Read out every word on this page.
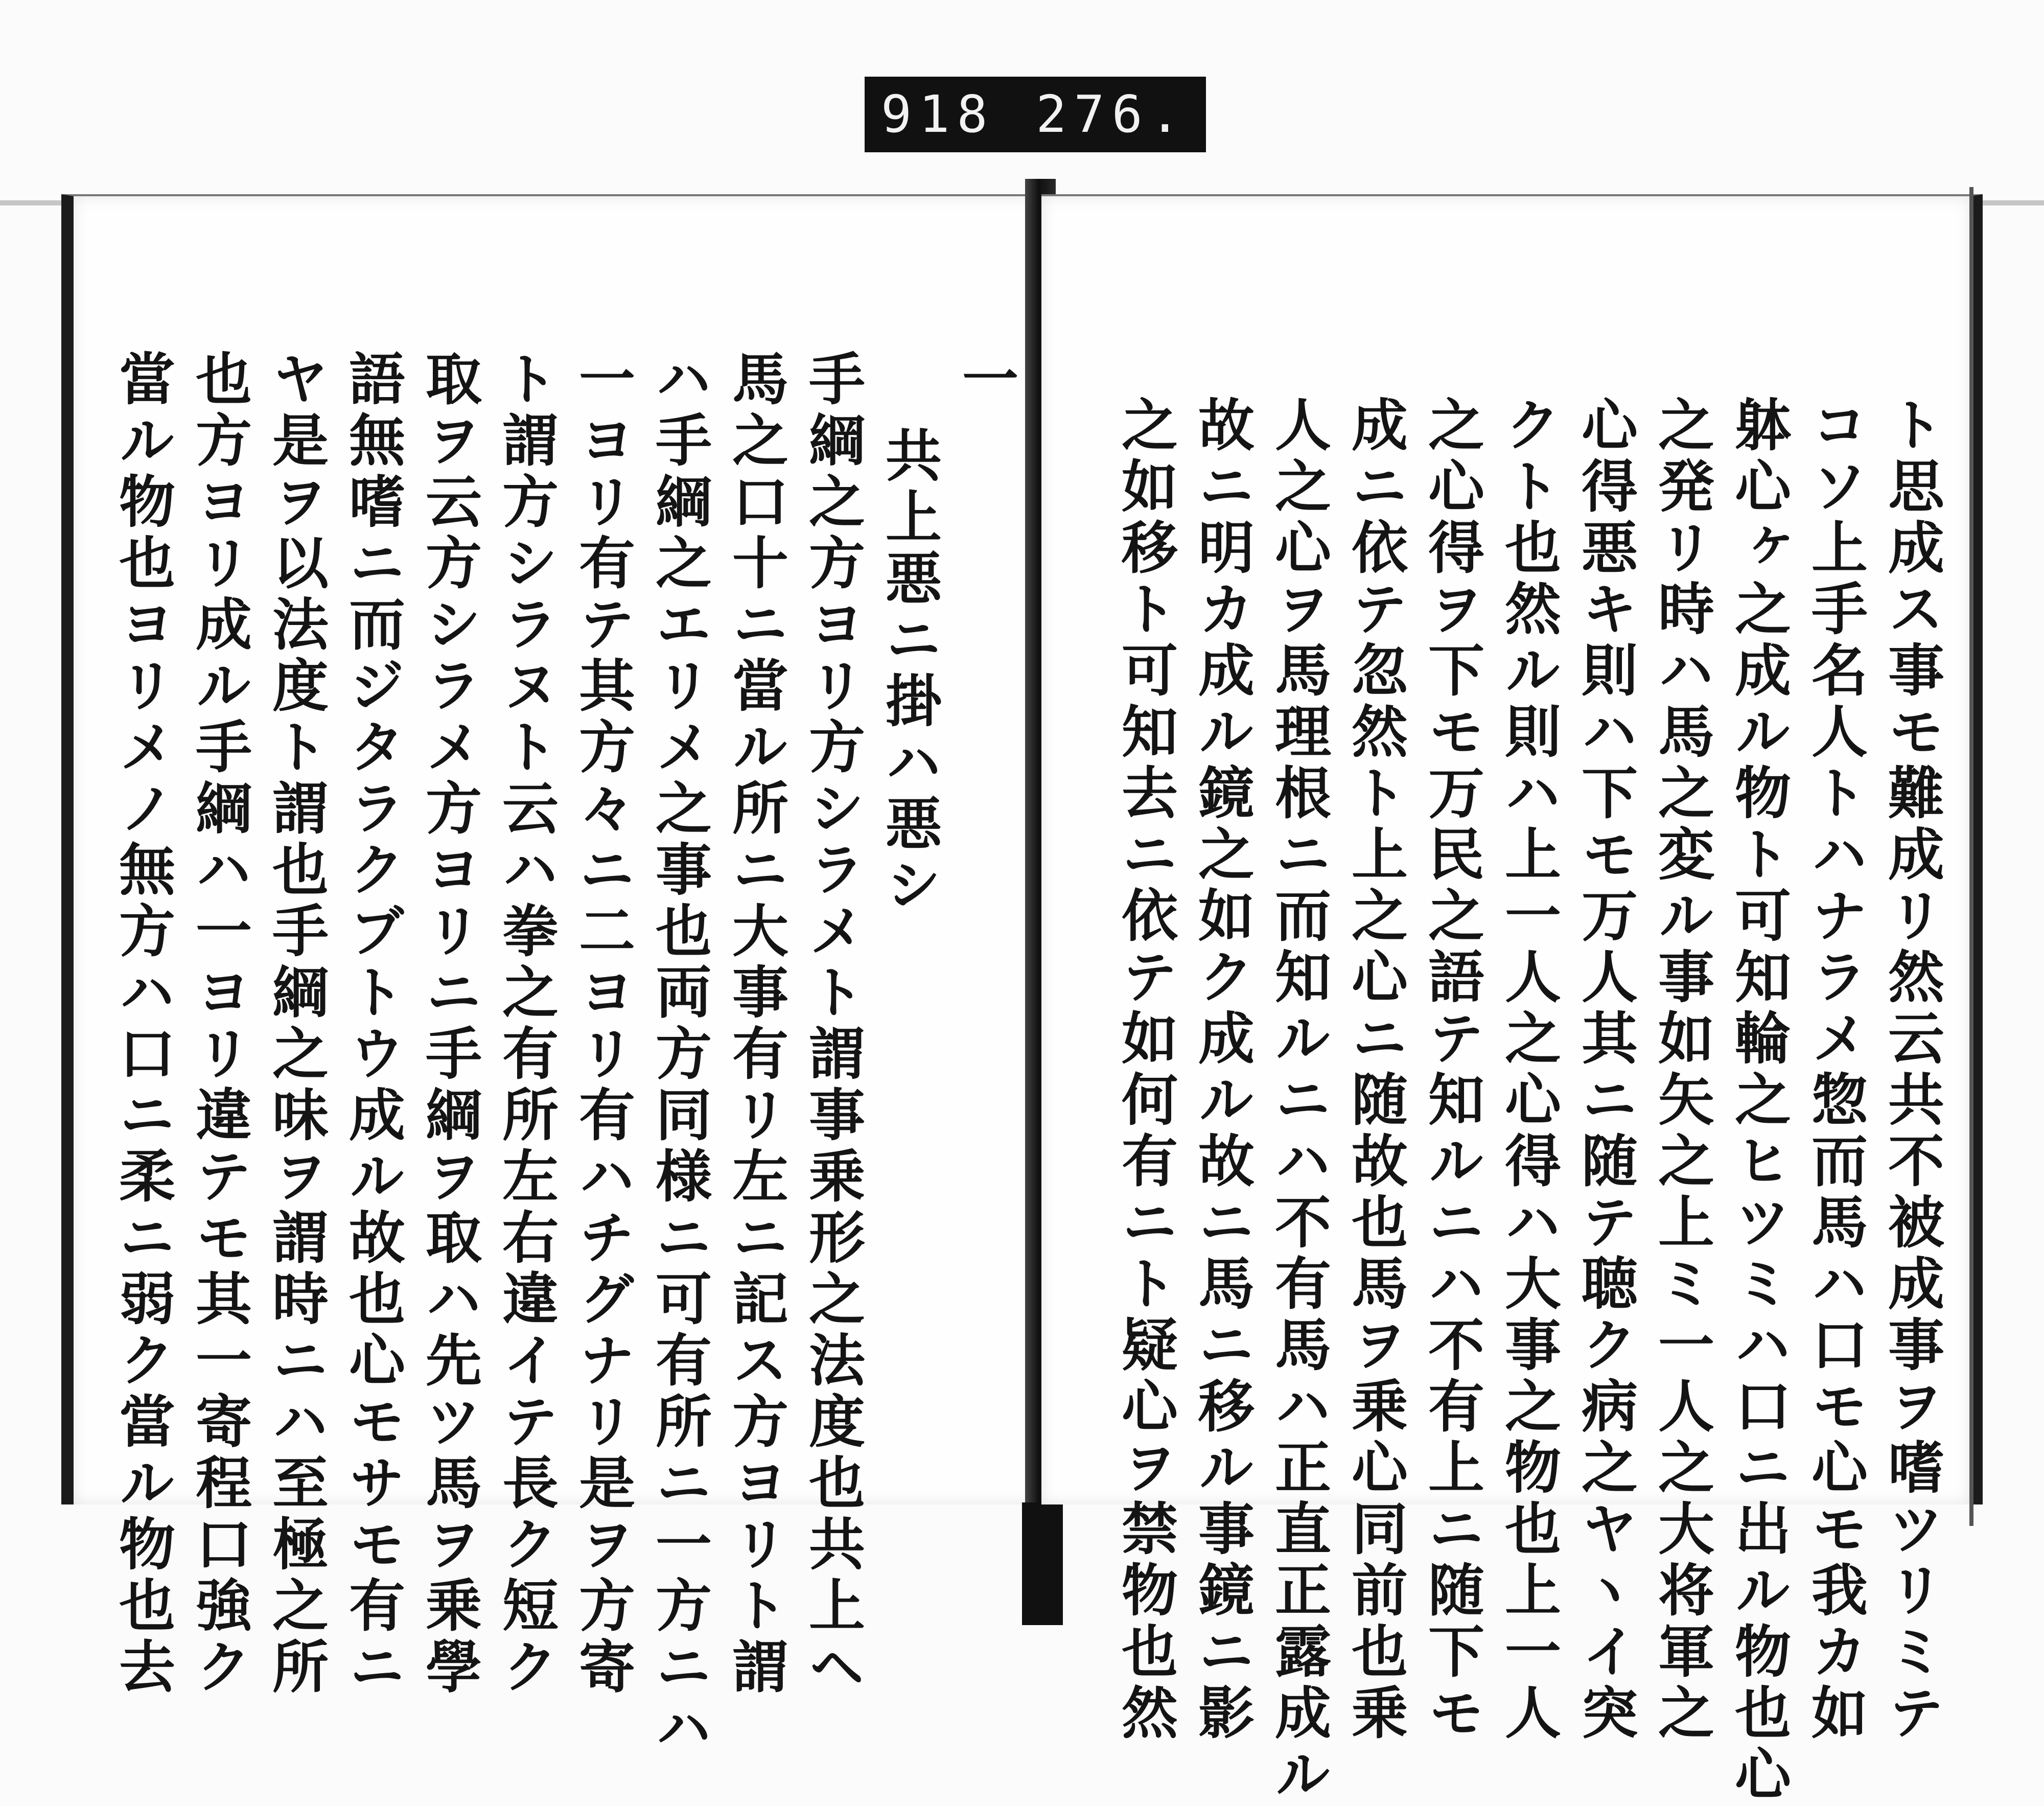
918 276.
一
共上悪ニ掛ハ悪シ
手綱之方ヨリ方シラメト謂事乗形之法度也共上ヘ
馬之口十ニ當ル所ニ大事有リ左ニ記ス方ヨリト謂
ハ手綱之エリメ之事也両方同様ニ可有所ニ一方ニハ
一ヨリ有テ其方々ニ二ヨリ有ハチグナリ是ヲ方寄
ト謂方シラヌト云ハ拳之有所左右違イテ長ク短ク
取ヲ云方シラメ方ヨリニ手綱ヲ取ハ先ツ馬ヲ乗學
語無嗜ニ而ジタラクブトウ成ル故也心モサモ有ニ
ヤ是ヲ以法度ト謂也手綱之味ヲ謂時ニハ至極之所
也方ヨリ成ル手綱ハ一ヨリ違テモ其一寄程口強ク
當ル物也ヨリメノ無方ハ口ニ柔ニ弱ク當ル物也去	ト思成ス事モ難成リ然云共不被成事ヲ嗜ツリミテ
コソ上手名人トハナラメ惣而馬ハ口モ心モ我カ如
躰心ヶ之成ル物ト可知輪之ヒツミハ口ニ出ル物也心
之発リ時ハ馬之変ル事如矢之上ミ一人之大将軍之
心得悪キ則ハ下モ万人其ニ随テ聴ク病之ヤヽイ突
クト也然ル則ハ上一人之心得ハ大事之物也上一人
之心得ヲ下モ万民之語テ知ルニハ不有上ニ随下モ
成ニ依テ忽然ト上之心ニ随故也馬ヲ乗心同前也乗
人之心ヲ馬理根ニ而知ルニハ不有馬ハ正直正露成ル
故ニ明カ成ル鏡之如ク成ル故ニ馬ニ移ル事鏡ニ影
之如移ト可知去ニ依テ如何有ニト疑心ヲ禁物也然
